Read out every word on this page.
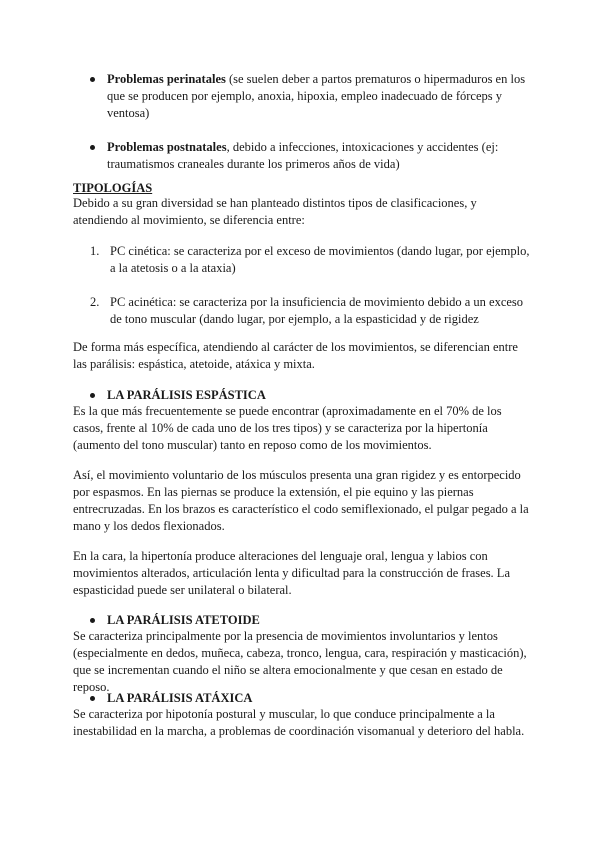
Problemas perinatales (se suelen deber a partos prematuros o hipermaduros en los que se producen por ejemplo, anoxia, hipoxia, empleo inadecuado de fórceps y ventosa)
Problemas postnatales, debido a infecciones, intoxicaciones y accidentes (ej: traumatismos craneales durante los primeros años de vida)
TIPOLOGÍAS

Debido a su gran diversidad se han planteado distintos tipos de clasificaciones, y atendiendo al movimiento, se diferencia entre:

1. PC cinética: se caracteriza por el exceso de movimientos (dando lugar, por ejemplo, a la atetosis o a la ataxia)
2. PC acinética: se caracteriza por la insuficiencia de movimiento debido a un exceso de tono muscular (dando lugar, por ejemplo, a la espasticidad y de rigidez

De forma más específica, atendiendo al carácter de los movimientos, se diferencian entre las parálisis: espástica, atetoide, atáxica y mixta.

LA PARÁLISIS ESPÁSTICA

Es la que más frecuentemente se puede encontrar (aproximadamente en el 70% de los casos, frente al 10% de cada uno de los tres tipos) y se caracteriza por la hipertonía (aumento del tono muscular) tanto en reposo como de los movimientos.

Así, el movimiento voluntario de los músculos presenta una gran rigidez y es entorpecido por espasmos. En las piernas se produce la extensión, el pie equino y las piernas entrecruzadas. En los brazos es característico el codo semiflexionado, el pulgar pegado a la mano y los dedos flexionados.

En la cara, la hipertonía produce alteraciones del lenguaje oral, lengua y labios con movimientos alterados, articulación lenta y dificultad para la construcción de frases. La espasticidad puede ser unilateral o bilateral.

LA PARÁLISIS ATETOIDE

Se caracteriza principalmente por la presencia de movimientos involuntarios y lentos (especialmente en dedos, muñeca, cabeza, tronco, lengua, cara, respiración y masticación), que se incrementan cuando el niño se altera emocionalmente y que cesan en estado de reposo.

LA PARÁLISIS ATÁXICA

Se caracteriza por hipotonía postural y muscular, lo que conduce principalmente a la inestabilidad en la marcha, a problemas de coordinación visomanual y deterioro del habla.
